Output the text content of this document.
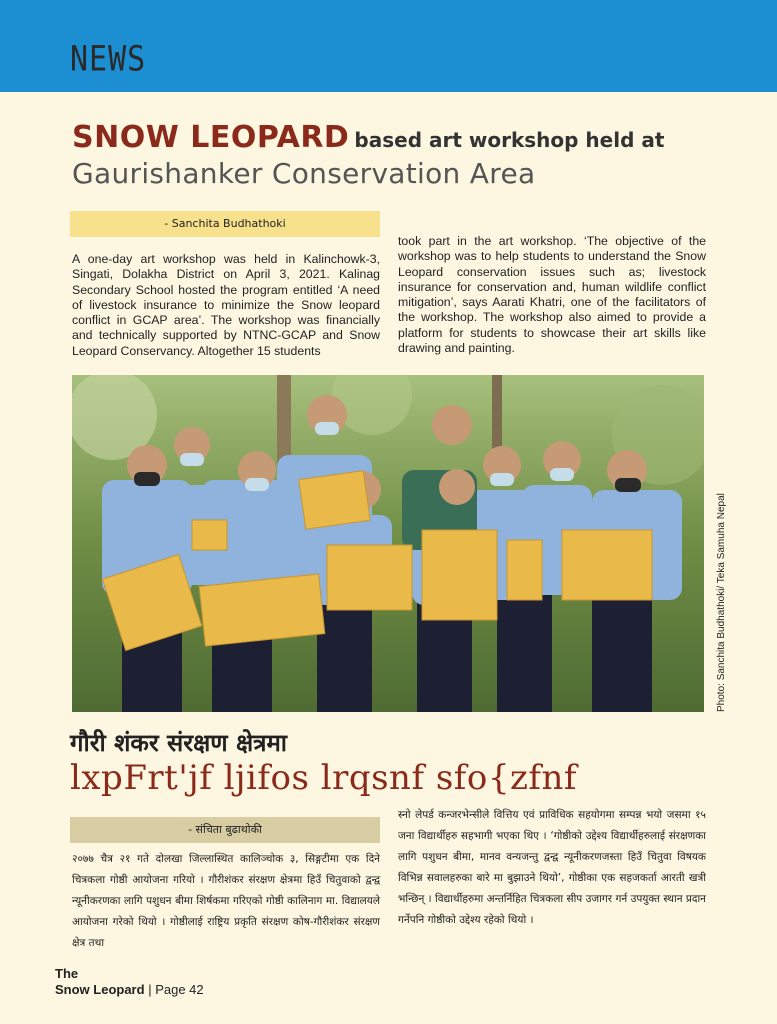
NEWS
SNOW LEOPARD based art workshop held at
Gaurishanker Conservation Area
- Sanchita Budhathoki
A one-day art workshop was held in Kalinchowk-3, Singati, Dolakha District on April 3, 2021. Kalinag Secondary School hosted the program entitled ‘A need of livestock insurance to minimize the Snow leopard conflict in GCAP area’. The workshop was financially and technically supported by NTNC-GCAP and Snow Leopard Conservancy. Altogether 15 students
took part in the art workshop. ‘The objective of the workshop was to help students to understand the Snow Leopard conservation issues such as; livestock insurance for conservation and, human wildlife conflict mitigation’, says Aarati Khatri, one of the facilitators of the workshop. The workshop also aimed to provide a platform for students to showcase their art skills like drawing and painting.
Photo: Sanchita Budhathoki/ Teka Samuha Nepal
गौरी शंकर संरक्षण क्षेत्रमा
lxpFrt'jf ljifos lrqsnf sfo{zfnf
- संचिता बुढाथोकी
२०७७ चैत्र २१ गते दोलखा जिल्लास्थित कालिञ्चोक ३, सिङ्गटीमा एक दिने चित्रकला गोष्ठी आयोजना गरियो । गौरीशंकर संरक्षण क्षेत्रमा हिउँ चितुवाको द्वन्द्व न्यूनीकरणका लागि पशुधन बीमा शिर्षकमा गरिएको गोष्ठी कालिनाग मा. विद्यालयले आयोजना गरेको थियो । गोष्ठीलाई राष्ट्रिय प्रकृति संरक्षण कोष-गौरीशंकर संरक्षण क्षेत्र तथा
स्नो लेपर्ड कन्जरभेन्सीले वित्तिय एवं प्राविधिक सहयोगमा सम्पन्न भयो जसमा १५ जना विद्यार्थीहरु सहभागी भएका थिए । ‘गोष्ठीको उद्देश्य विद्यार्थीहरुलाई संरक्षणका लागि पशुधन बीमा, मानव वन्यजन्तु द्वन्द्व न्यूनीकरणजस्ता हिउँ चितुवा विषयक विभिन्न सवालहरुका बारे मा बुझाउने थियो’, गोष्ठीका एक सहजकर्ता आरती खत्री भन्छिन् । विद्यार्थीहरुमा अन्तर्निहित चित्रकला सीप उजागर गर्न उपयुक्त स्थान प्रदान गर्नेपनि गोष्ठीको उद्देश्य रहेको थियो ।
The
Snow Leopard | Page 42
